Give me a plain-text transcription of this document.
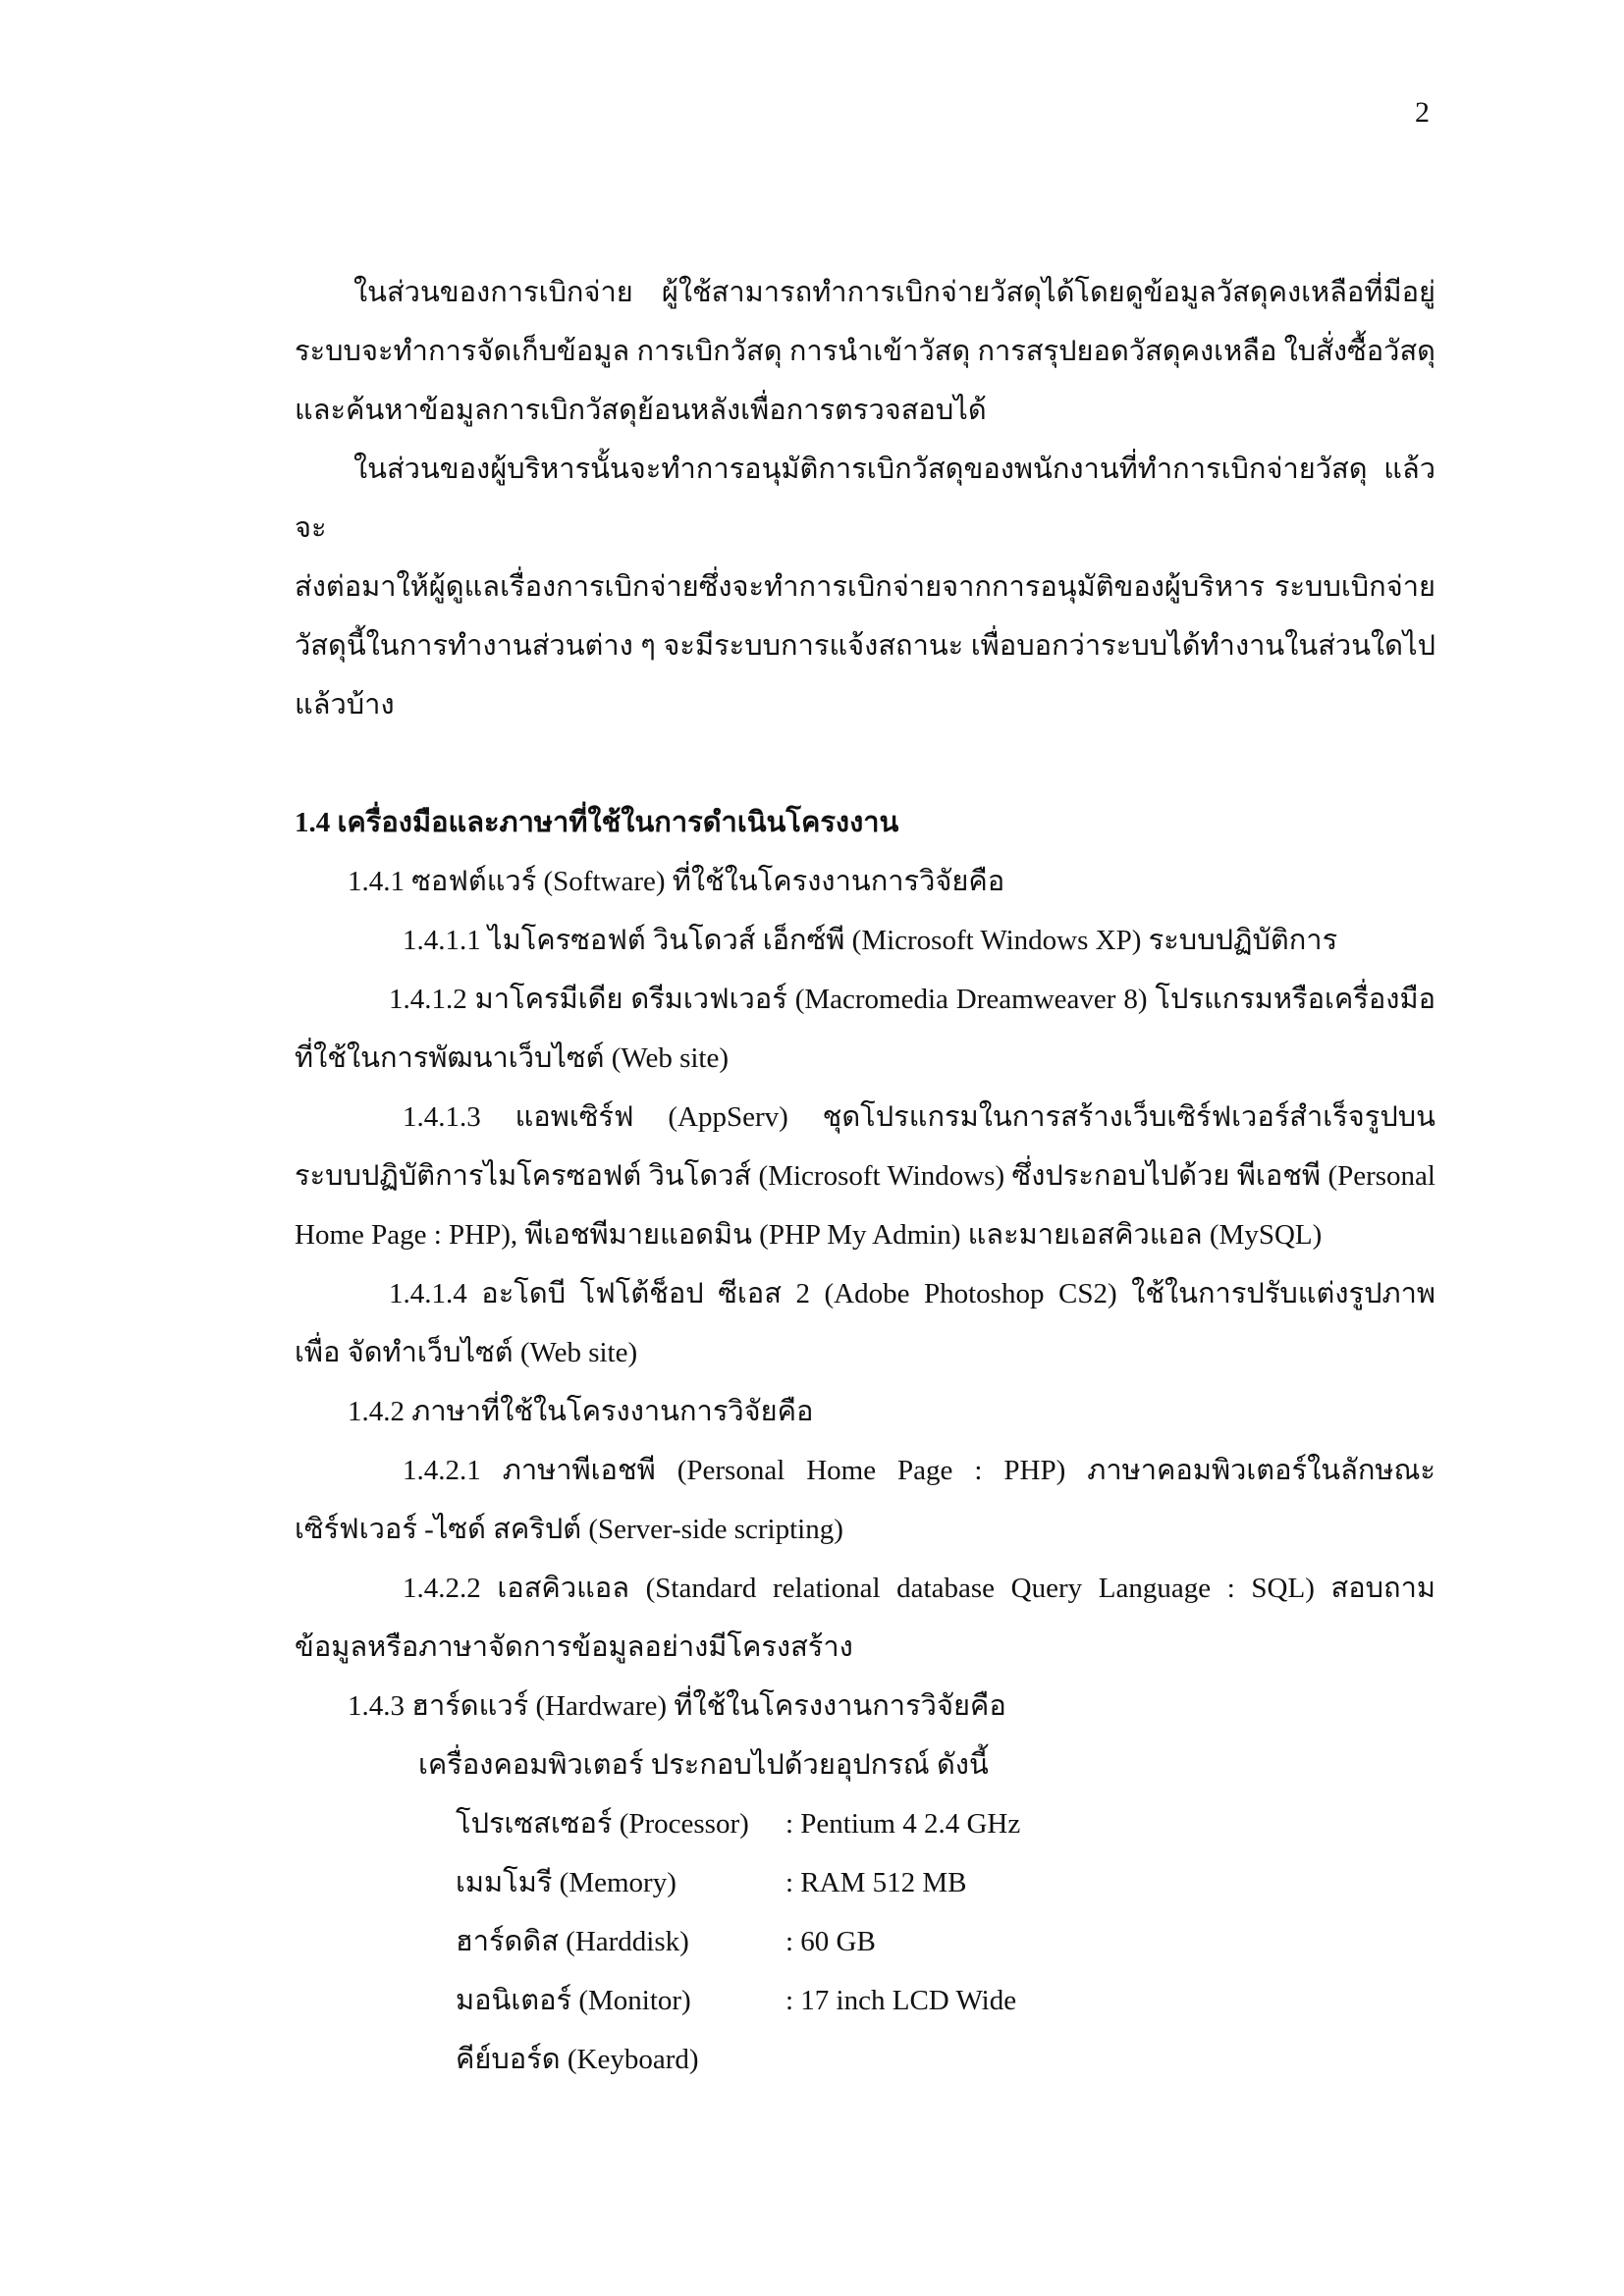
2

ในส่วนของการเบิกจ่าย ผู้ใช้สามารถทำการเบิกจ่ายวัสดุได้โดยดูข้อมูลวัสดุคงเหลือที่มีอยู่

ระบบจะทำการจัดเก็บข้อมูล การเบิกวัสดุ การนำเข้าวัสดุ การสรุปยอดวัสดุคงเหลือ ใบสั่งซื้อวัสดุ และค้นหาข้อมูลการเบิกวัสดุย้อนหลังเพื่อการตรวจสอบได้

ในส่วนของผู้บริหารนั้นจะทำการอนุมัติการเบิกวัสดุของพนักงานที่ทำการเบิกจ่ายวัสดุ แล้วจะ

ส่งต่อมาให้ผู้ดูแลเรื่องการเบิกจ่ายซึ่งจะทำการเบิกจ่ายจากการอนุมัติของผู้บริหาร ระบบเบิกจ่ายวัสดุนี้ในการทำงานส่วนต่าง ๆ จะมีระบบการแจ้งสถานะ เพื่อบอกว่าระบบได้ทำงานในส่วนใดไปแล้วบ้าง

1.4 เครื่องมือและภาษาที่ใช้ในการดำเนินโครงงาน

1.4.1 ซอฟต์แวร์ (Software) ที่ใช้ในโครงงานการวิจัยคือ

1.4.1.1 ไมโครซอฟต์ วินโดวส์ เอ็กซ์พี (Microsoft Windows XP) ระบบปฏิบัติการ

1.4.1.2 มาโครมีเดีย ดรีมเวฟเวอร์ (Macromedia Dreamweaver 8) โปรแกรมหรือเครื่องมือ

ที่ใช้ในการพัฒนาเว็บไซต์ (Web site)

1.4.1.3 แอพเซิร์ฟ (AppServ) ชุดโปรแกรมในการสร้างเว็บเซิร์ฟเวอร์สำเร็จรูปบน

ระบบปฏิบัติการไมโครซอฟต์ วินโดวส์ (Microsoft Windows) ซึ่งประกอบไปด้วย พีเอชพี (Personal Home Page : PHP), พีเอชพีมายแอดมิน (PHP My Admin) และมายเอสคิวแอล (MySQL)

1.4.1.4 อะโดบี โฟโต้ช็อป ซีเอส 2 (Adobe Photoshop CS2) ใช้ในการปรับแต่งรูปภาพ

เพื่อ จัดทำเว็บไซต์ (Web site)

1.4.2 ภาษาที่ใช้ในโครงงานการวิจัยคือ

1.4.2.1 ภาษาพีเอชพี (Personal Home Page : PHP) ภาษาคอมพิวเตอร์ในลักษณะ

เซิร์ฟเวอร์ -ไซด์ สคริปต์ (Server-side scripting)

1.4.2.2 เอสคิวแอล (Standard relational database Query Language : SQL) สอบถาม

ข้อมูลหรือภาษาจัดการข้อมูลอย่างมีโครงสร้าง

1.4.3 ฮาร์ดแวร์ (Hardware) ที่ใช้ในโครงงานการวิจัยคือ

เครื่องคอมพิวเตอร์ ประกอบไปด้วยอุปกรณ์ ดังนี้

โปรเซสเซอร์ (Processor)	: Pentium 4 2.4 GHz
เมมโมรี (Memory)	: RAM 512 MB
ฮาร์ดดิส (Harddisk)	: 60 GB
มอนิเตอร์ (Monitor)	: 17 inch LCD Wide
คีย์บอร์ด (Keyboard)
